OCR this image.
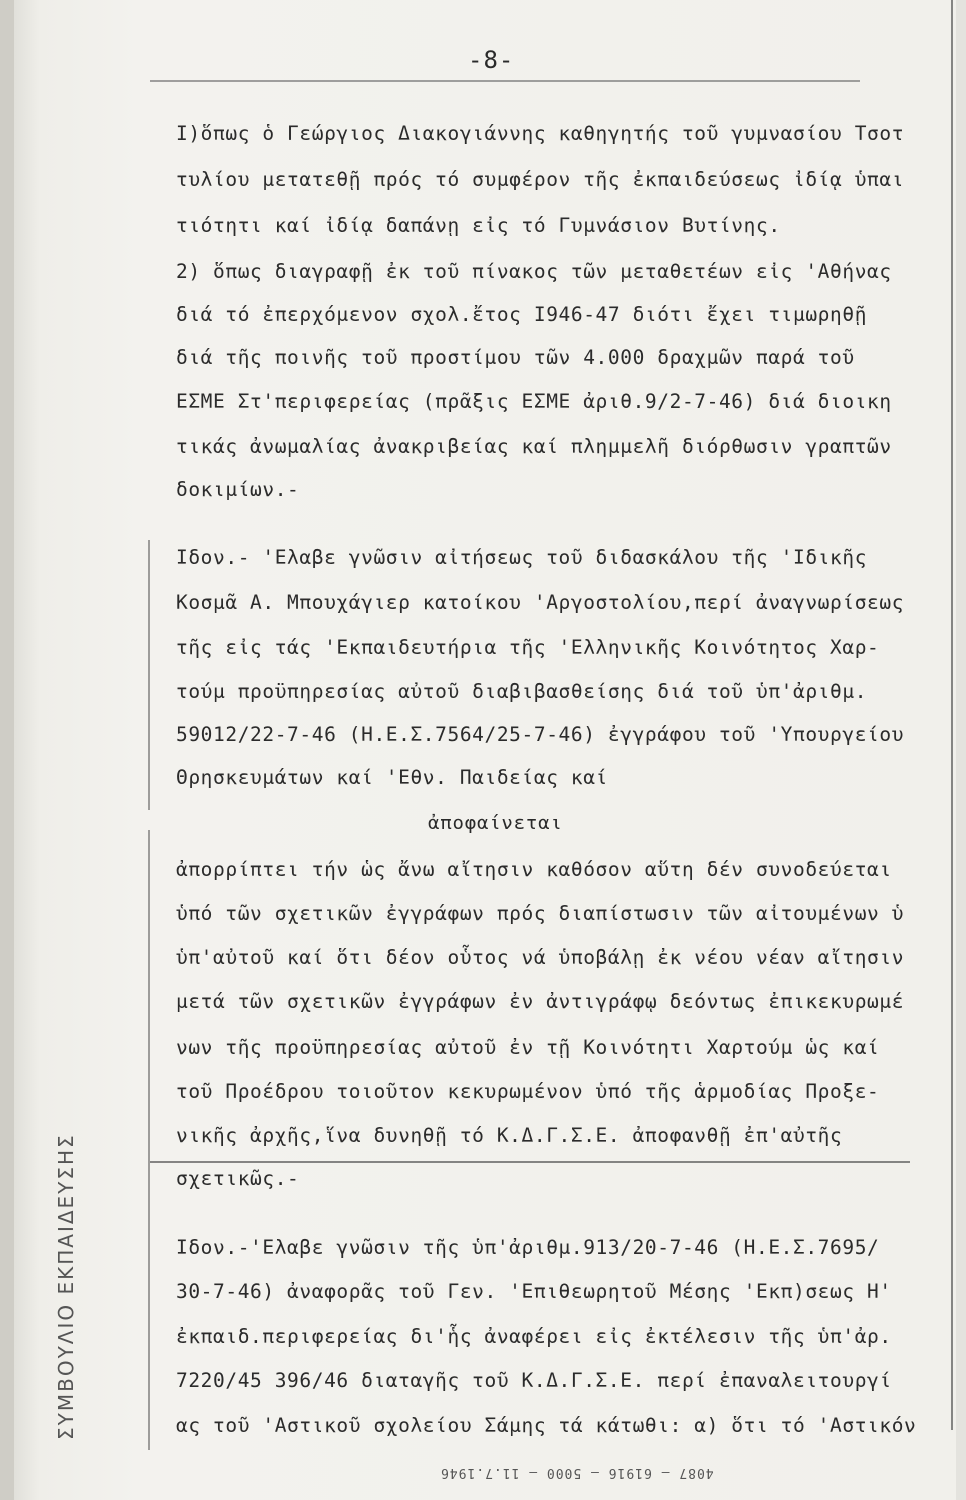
ΣΥΜΒΟΥΛΙΟ ΕΚΠΑΙΔΕΥΣΗΣ
-8-
I)ὅπως ὁ Γεώργιος Διακογιάννης καθηγητής τοῦ γυμνασίου Τσοτ
τυλίου μετατεθῇ πρός τό συμφέρον τῆς ἐκπαιδεύσεως ἰδίᾳ ὑπαι
τιότητι καί ἰδίᾳ δαπάνῃ εἰς τό Γυμνάσιον Βυτίνης.
2) ὅπως διαγραφῇ ἐκ τοῦ πίνακος τῶν μεταθετέων εἰς 'Αθήνας
διά τό ἐπερχόμενον σχολ.ἔτος I946-47 διότι ἔχει τιμωρηθῇ
διά τῆς ποινῆς τοῦ προστίμου τῶν 4.000 δραχμῶν παρά τοῦ
ΕΣΜΕ Στ'περιφερείας (πρᾶξις ΕΣΜΕ ἀριθ.9/2-7-46) διά διοικη
τικάς ἀνωμαλίας ἀνακριβείας καί πλημμελῆ διόρθωσιν γραπτῶν
δοκιμίων.-
Ιδον.- 'Ελαβε γνῶσιν αἰτήσεως τοῦ διδασκάλου τῆς 'Ιδικῆς
Κοσμᾶ Α. Μπουχάγιερ κατοίκου 'Αργοστολίου,περί ἀναγνωρίσεως
τῆς εἰς τάς 'Εκπαιδευτήρια τῆς 'Ελληνικῆς Κοινότητος Χαρ-
τούμ προϋπηρεσίας αὐτοῦ διαβιβασθείσης διά τοῦ ὑπ'ἀριθμ.
59012/22-7-46 (Η.Ε.Σ.7564/25-7-46) ἐγγράφου τοῦ 'Υπουργείου
Θρησκευμάτων καί 'Εθν. Παιδείας καί
ἀποφαίνεται
ἀπορρίπτει τήν ὡς ἄνω αἴτησιν καθόσον αὕτη δέν συνοδεύεται
ὑπό τῶν σχετικῶν ἐγγράφων πρός διαπίστωσιν τῶν αἰτουμένων ὑ
ὑπ'αὐτοῦ καί ὅτι δέον οὗτος νά ὑποβάλῃ ἐκ νέου νέαν αἴτησιν
μετά τῶν σχετικῶν ἐγγράφων ἐν ἀντιγράφῳ δεόντως ἐπικεκυρωμέ
νων τῆς προϋπηρεσίας αὐτοῦ ἐν τῇ Κοινότητι Χαρτούμ ὡς καί
τοῦ Προέδρου τοιοῦτον κεκυρωμένον ὑπό τῆς ἁρμοδίας Προξε-
νικῆς ἀρχῆς,ἵνα δυνηθῇ τό Κ.Δ.Γ.Σ.Ε. ἀποφανθῇ ἐπ'αὐτῆς
σχετικῶς.-
Ιδον.-'Ελαβε γνῶσιν τῆς ὑπ'ἀριθμ.913/20-7-46 (Η.Ε.Σ.7695/
30-7-46) ἀναφορᾶς τοῦ Γεν. 'Επιθεωρητοῦ Μέσης 'Εκπ)σεως Η'
ἐκπαιδ.περιφερείας δι'ἧς ἀναφέρει εἰς ἐκτέλεσιν τῆς ὑπ'ἀρ.
7220/45 396/46 διαταγῆς τοῦ Κ.Δ.Γ.Σ.Ε. περί ἐπαναλειτουργί
ας τοῦ 'Αστικοῦ σχολείου Σάμης τά κάτωθι: α) ὅτι τό 'Αστικόν
4087 — 61916 — 5000 — 11.7.1946
